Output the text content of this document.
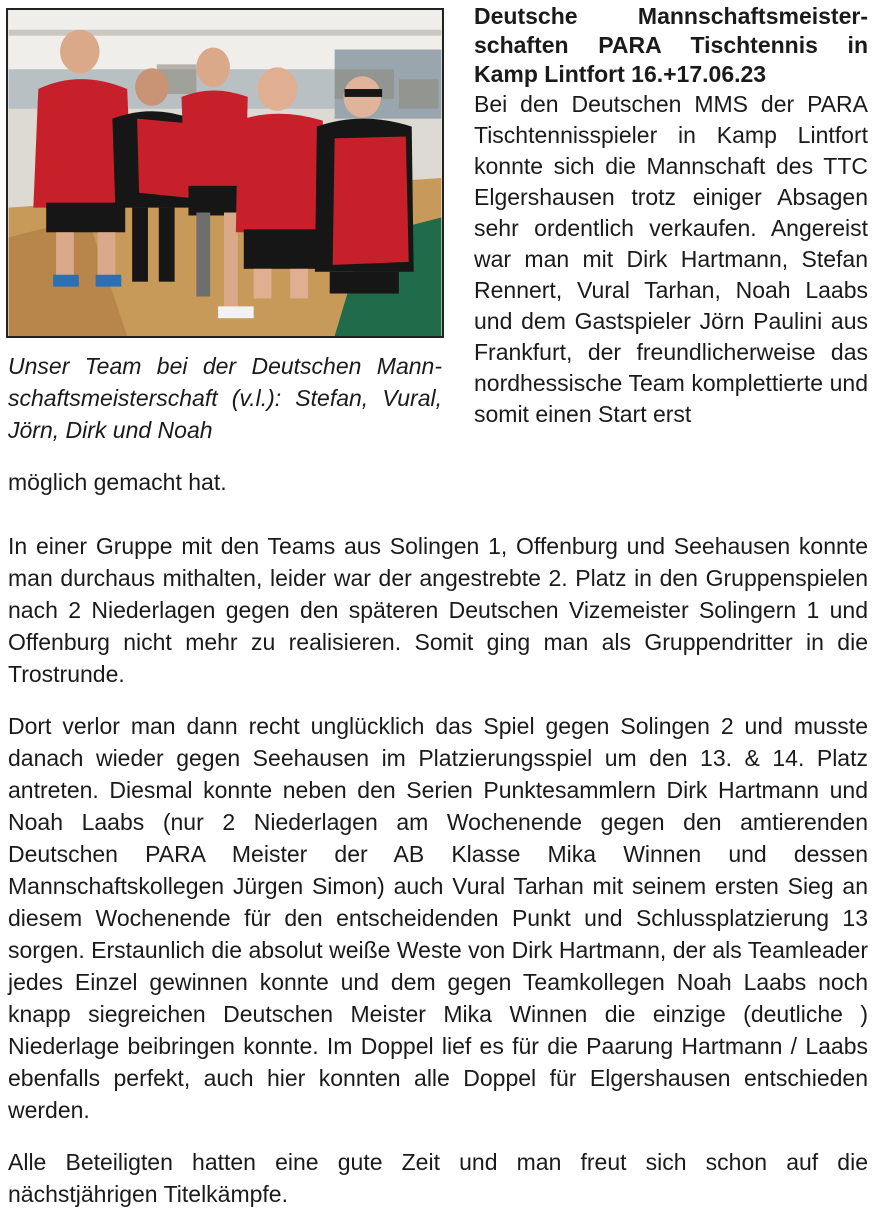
Unser Team bei der Deutschen Mannschaftsmeisterschaft (v.l.): Stefan, Vural, Jörn, Dirk und Noah
Deutsche Mannschaftsmeisterschaften PARA Tischtennis in Kamp Lintfort 16.+17.06.23

Bei den Deutschen MMS der PARA Tischtennisspieler in Kamp Lintfort konnte sich die Mannschaft des TTC Elgershausen trotz einiger Absagen sehr ordentlich verkaufen. Angereist war man mit Dirk Hartmann, Stefan Rennert, Vural Tarhan, Noah Laabs und dem Gastspieler Jörn Paulini aus Frankfurt, der freundlicherweise das nordhessische Team komplettierte und somit einen Start erst

möglich gemacht hat.

In einer Gruppe mit den Teams aus Solingen 1, Offenburg und Seehausen konnte man durchaus mithalten, leider war der angestrebte 2. Platz in den Gruppenspielen nach 2 Niederlagen gegen den späteren Deutschen Vizemeister Solingern 1 und Offenburg nicht mehr zu realisieren. Somit ging man als Gruppendritter in die Trostrunde.

Dort verlor man dann recht unglücklich das Spiel gegen Solingen 2 und musste danach wieder gegen Seehausen im Platzierungsspiel um den 13. & 14. Platz antreten. Diesmal konnte neben den Serien Punktesammlern Dirk Hartmann und Noah Laabs (nur 2 Niederlagen am Wochenende gegen den amtierenden Deutschen PARA Meister der AB Klasse Mika Winnen und dessen Mannschaftskollegen Jürgen Simon) auch Vural Tarhan mit seinem ersten Sieg an diesem Wochenende für den entscheidenden Punkt und Schlussplatzierung 13 sorgen. Erstaunlich die absolut weiße Weste von Dirk Hartmann, der als Teamleader jedes Einzel gewinnen konnte und dem gegen Teamkollegen Noah Laabs noch knapp siegreichen Deutschen Meister Mika Winnen die einzige (deutliche ) Niederlage beibringen konnte. Im Doppel lief es für die Paarung Hartmann / Laabs ebenfalls perfekt, auch hier konnten alle Doppel für Elgershausen entschieden werden.

Alle Beteiligten hatten eine gute Zeit und man freut sich schon auf die nächstjährigen Titelkämpfe.
